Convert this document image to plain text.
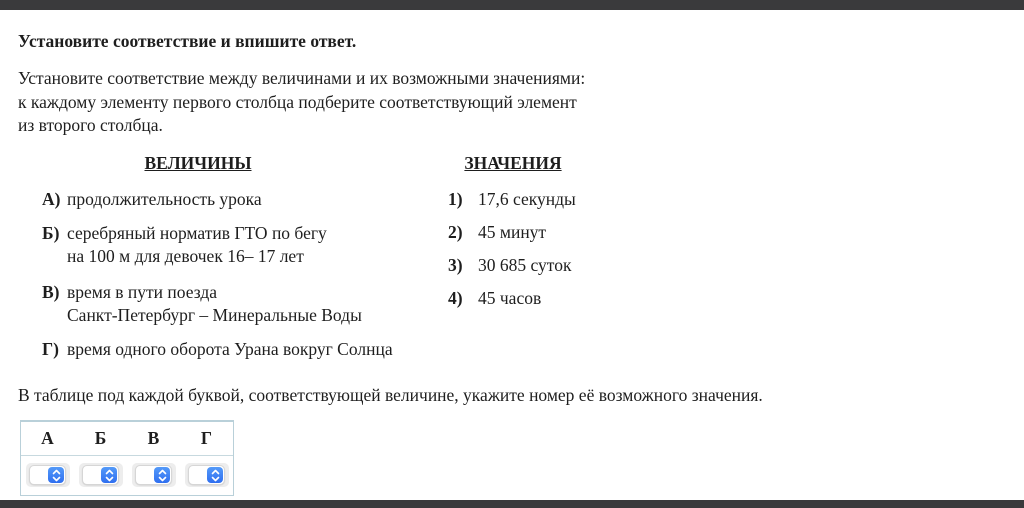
Установите соответствие и впишите ответ.
Установите соответствие между величинами и их возможными значениями:
к каждому элементу первого столбца подберите соответствующий элемент
из второго столбца.
ВЕЛИЧИНЫ
А) продолжительность урока
Б) серебряный норматив ГТО по бегу
на 100 м для девочек 16– 17 лет
В) время в пути поезда
Санкт-Петербург – Минеральные Воды
Г) время одного оборота Урана вокруг Солнца
ЗНАЧЕНИЯ
1) 17,6 секунды
2) 45 минут
3) 30 685 суток
4) 45 часов
В таблице под каждой буквой, соответствующей величине, укажите номер её возможного значения.
А	Б	В	Г
